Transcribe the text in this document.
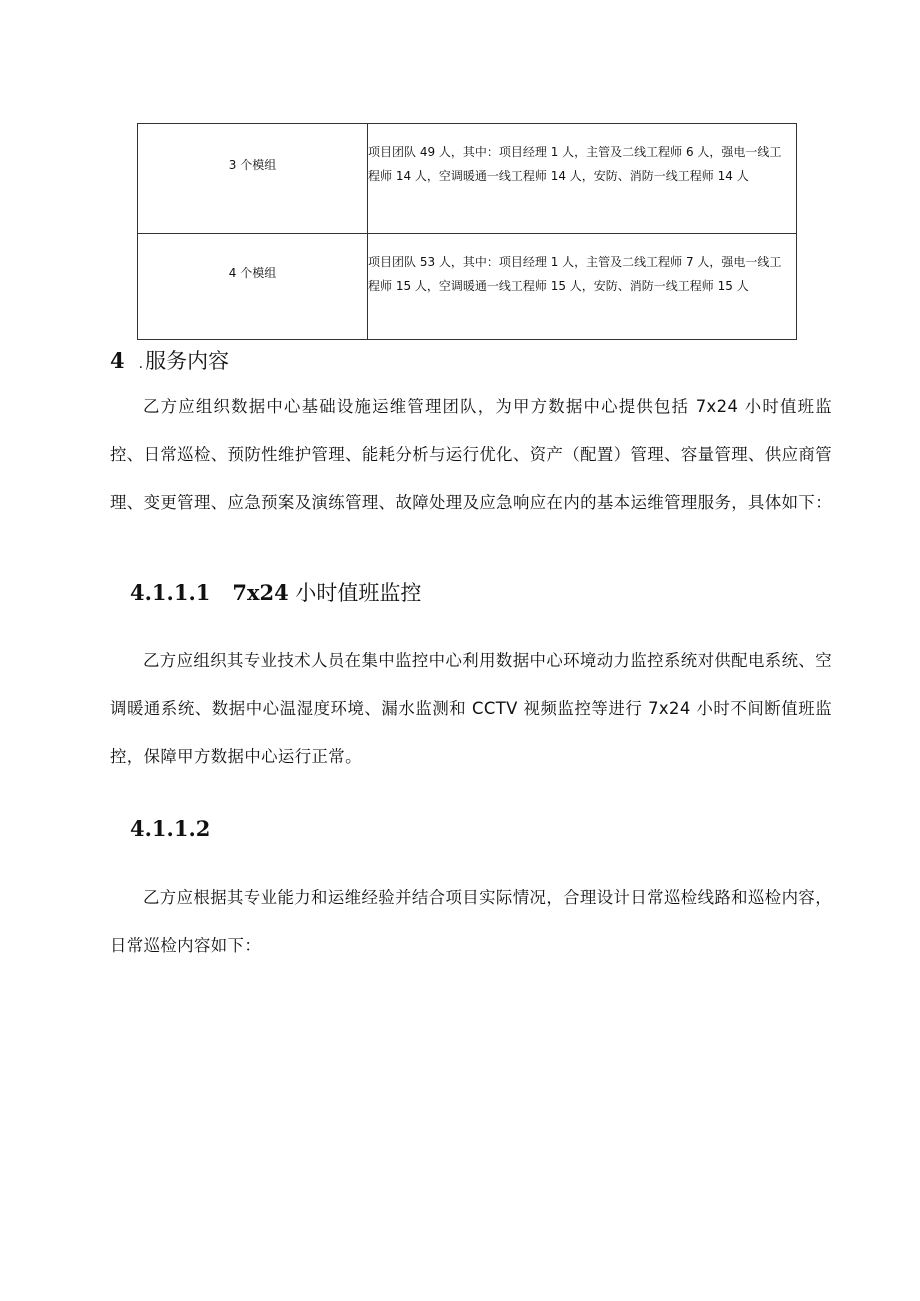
3 个模组	项目团队 49 人，其中：项目经理 1 人，主管及二线工程师 6 人，强电一线工
程师 14 人，空调暖通一线工程师 14 人，安防、消防一线工程师 14 人

4 个模组	项目团队 53 人，其中：项目经理 1 人，主管及二线工程师 7 人，强电一线工
程师 15 人，空调暖通一线工程师 15 人，安防、消防一线工程师 15 人
4 .服务内容

乙方应组织数据中心基础设施运维管理团队，为甲方数据中心提供包括 7x24 小时值班监控、日常巡检、预防性维护管理、能耗分析与运行优化、资产（配置）管理、容量管理、供应商管理、变更管理、应急预案及演练管理、故障处理及应急响应在内的基本运维管理服务，具体如下：

4.1.1.1 7x24 小时值班监控

乙方应组织其专业技术人员在集中监控中心利用数据中心环境动力监控系统对供配电系统、空调暖通系统、数据中心温湿度环境、漏水监测和 CCTV 视频监控等进行 7x24 小时不间断值班监控，保障甲方数据中心运行正常。

4.1.1.2

乙方应根据其专业能力和运维经验并结合项目实际情况，合理设计日常巡检线路和巡检内容，日常巡检内容如下：
